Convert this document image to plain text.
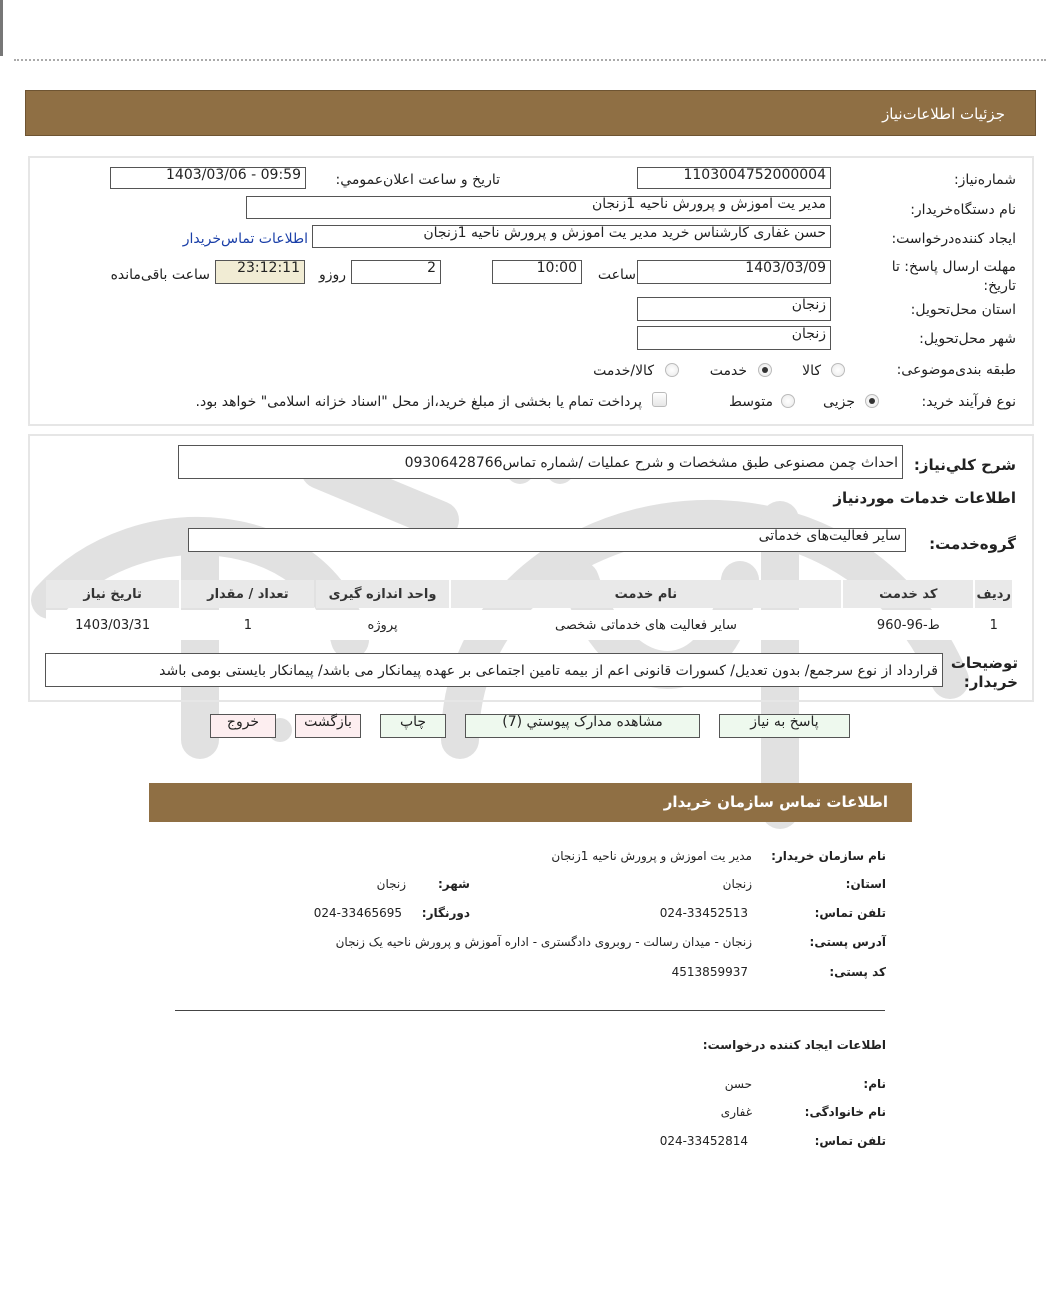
جزئیات اطلاعات‌نیاز
شماره‌نیاز:
1103004752000004
تاریخ و ساعت اعلان‌عمومي:
1403/03/06 - 09:59
نام دستگاه‌خریدار:
مدیر یت اموزش و پرورش ناحیه 1زنجان
ایجاد کننده‌درخواست:
حسن غفاری کارشناس خرید مدیر یت اموزش و پرورش ناحیه 1زنجان
اطلاعات تماس‌خریدار
مهلت ارسال پاسخ: تا تاریخ:
1403/03/09
ساعت
10:00
2
روزو
23:12:11
ساعت باقی‌مانده
استان محل‌تحویل:
زنجان
شهر محل‌تحویل:
زنجان
طبقه بندی‌موضوعی:
کالا
خدمت
کالا/خدمت
نوع فرآیند خرید:
جزیی
متوسط
پرداخت تمام یا بخشی از مبلغ خرید،از محل "اسناد خزانه اسلامی" خواهد بود.
شرح کلي‌نیاز:
احداث چمن مصنوعی طبق مشخصات و شرح عملیات /شماره تماس09306428766
اطلاعات خدمات موردنیاز
گروه‌خدمت:
سایر فعالیت‌های خدماتی
ردیف	کد خدمت	نام خدمت	واحد اندازه گیری	تعداد / مقدار	تاریخ نیاز
1	ط-96-960	سایر فعالیت های خدماتی شخصی	پروژه	1	1403/03/31
توضیحات خریدار:
قرارداد از نوع سرجمع/ بدون تعدیل/ کسورات قانونی اعم از بیمه تامین اجتماعی بر عهده پیمانکار می باشد/ پیمانکار بایستی بومی باشد
پاسخ به نیاز
مشاهده مدارک پیوستي (7)
چاپ
بازگشت
خروج
اطلاعات تماس سازمان خریدار
نام سازمان خریدار:
مدیر یت اموزش و پرورش ناحیه 1زنجان
استان:
زنجان
شهر:
زنجان
تلفن تماس:
024-33452513
دورنگار:
024-33465695
آدرس پستی:
زنجان - میدان رسالت - روبروی دادگستری - اداره آموزش و پرورش ناحیه یک زنجان
کد پستی:
4513859937
اطلاعات ایجاد کننده درخواست:
نام:
حسن
نام خانوادگی:
غفاری
تلفن تماس:
024-33452814
